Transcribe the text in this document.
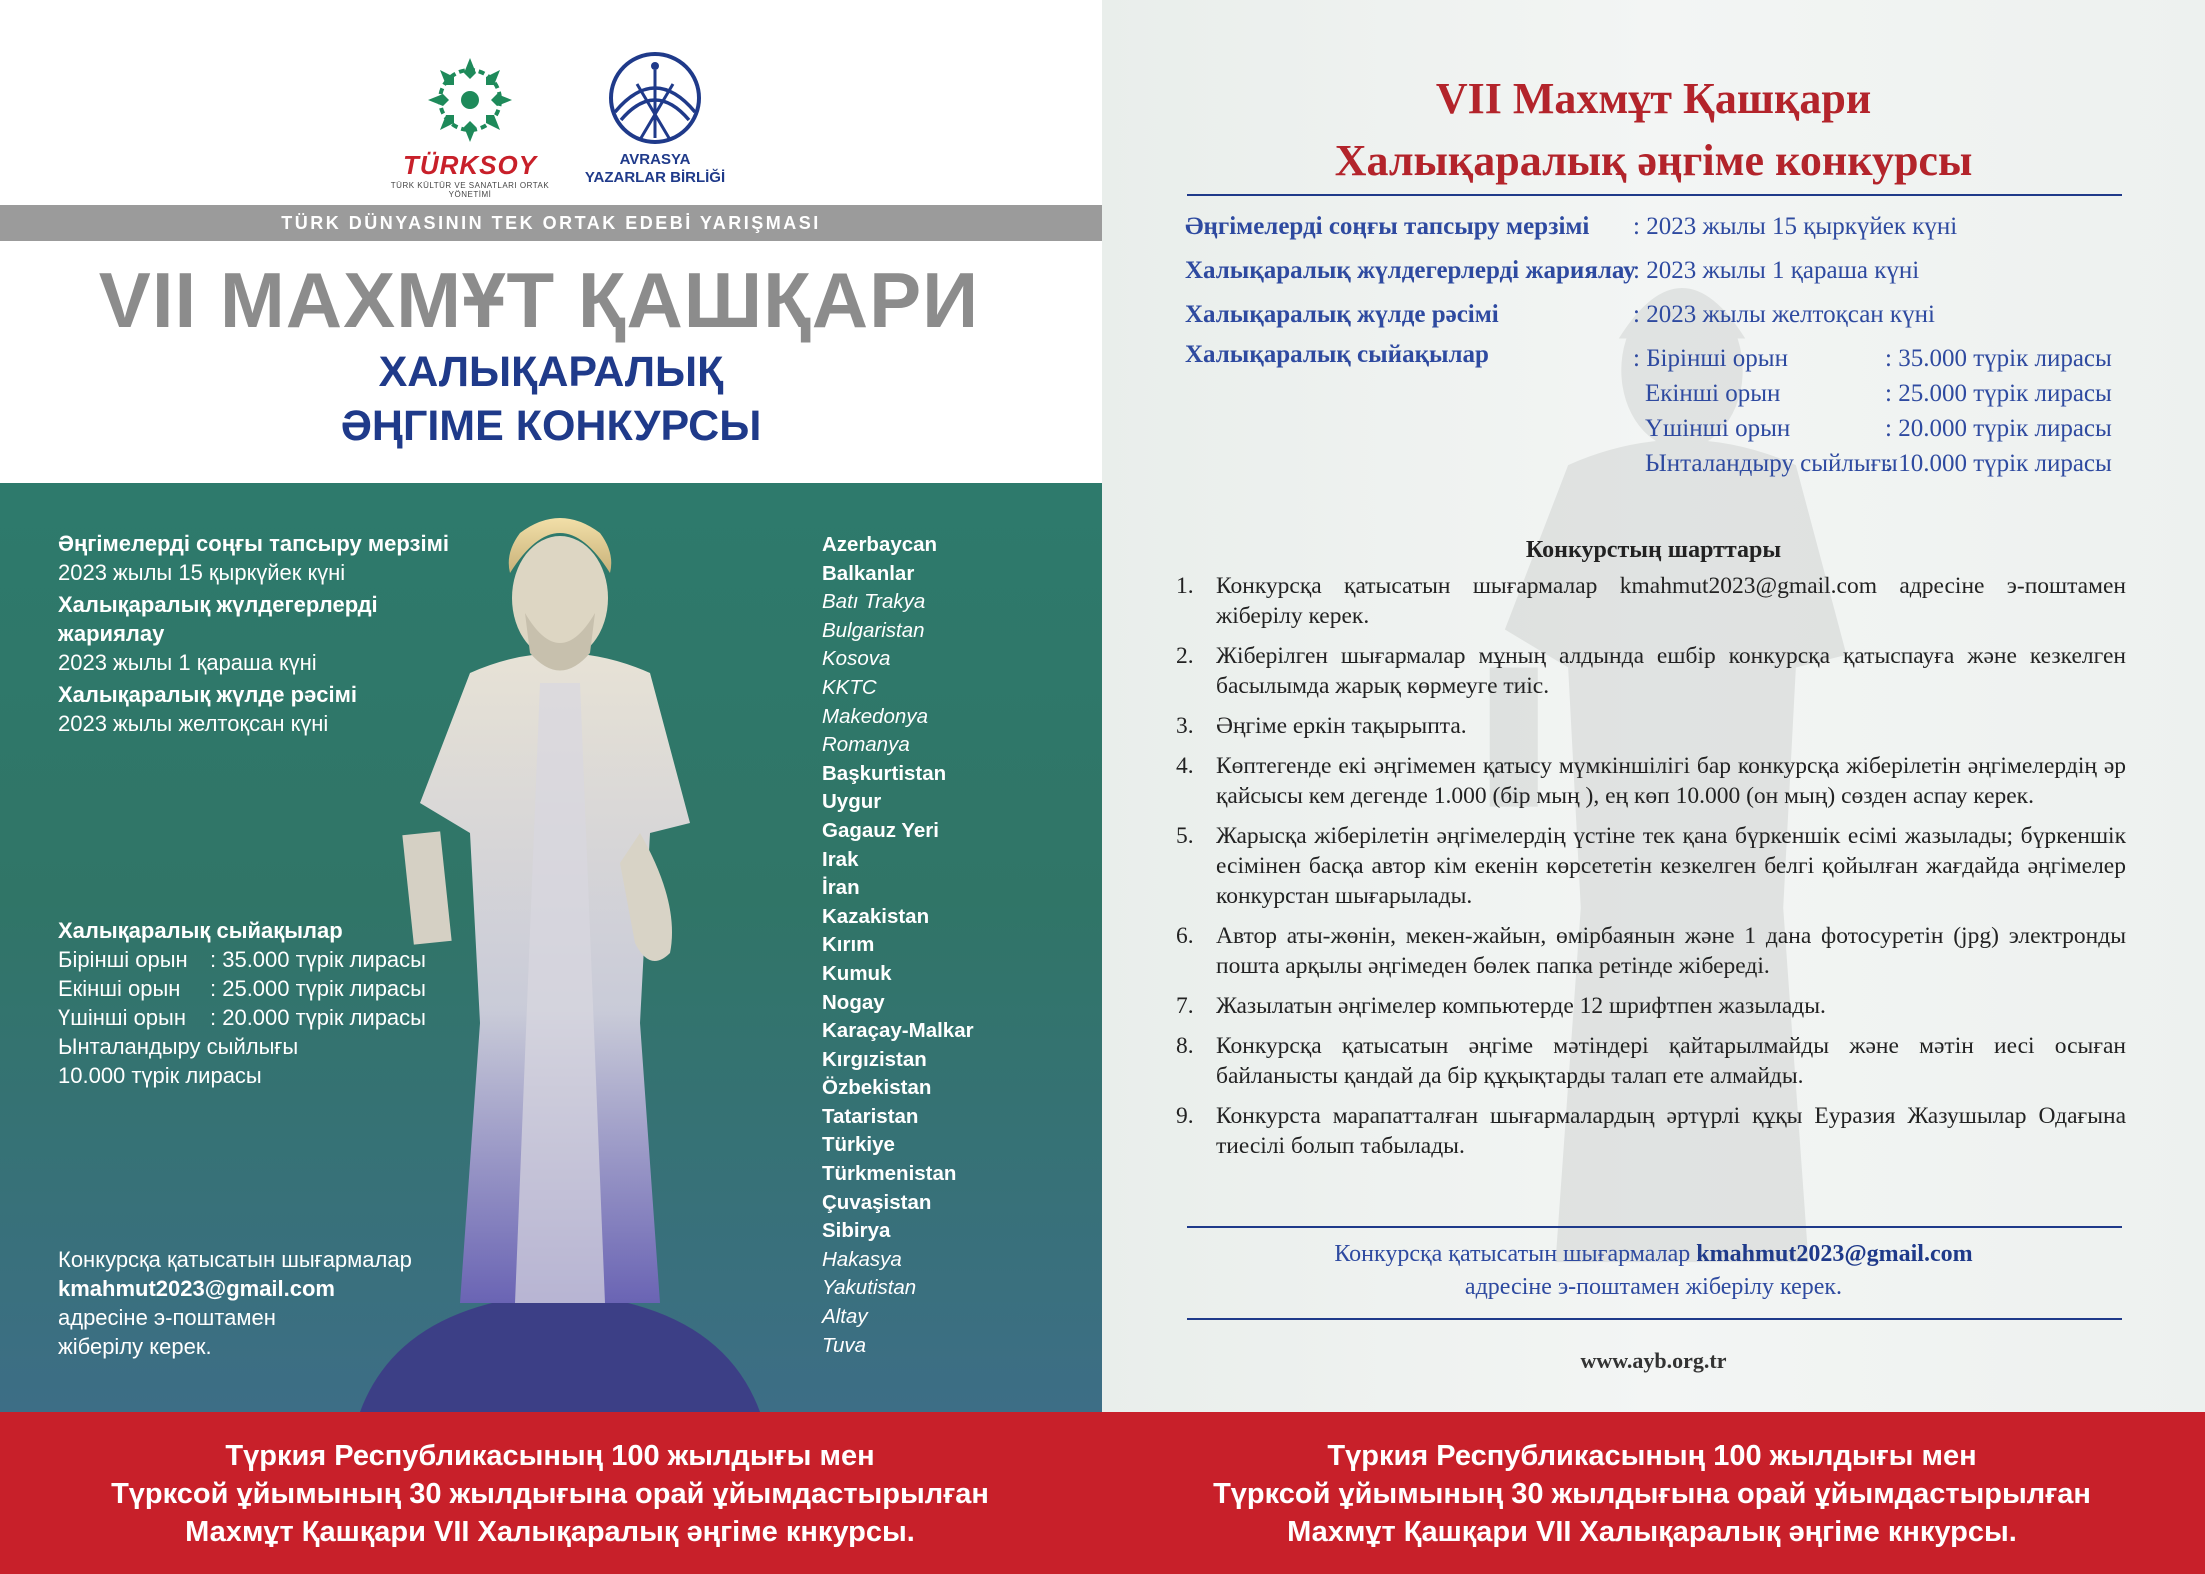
TÜRKSOY
TÜRK KÜLTÜR VE SANATLARI ORTAK YÖNETİMİ
AVRASYA
YAZARLAR BİRLİĞİ
TÜRK DÜNYASININ TEK ORTAK EDEBİ YARIŞMASI
VII МАХМҰТ ҚАШҚАРИ
ХАЛЫҚАРАЛЫҚ
ӘҢГІМЕ КОНКУРСЫ
Әңгімелерді соңғы тапсыру мерзімі
2023 жылы 15 қыркүйек күні
Халықаралық жүлдегерлерді жариялау
2023 жылы 1 қараша күні
Халықаралық жүлде рәсімі
2023 жылы желтоқсан күні
Халықаралық сыйақылар
Бірінші орын	: 35.000 түрік лирасы
Екінші орын	: 25.000 түрік лирасы
Үшінші орын	: 20.000 түрік лирасы
Ынталандыру сыйлығы
10.000 түрік лирасы
Конкурсқа қатысатын шығармалар
kmahmut2023@gmail.com
адресіне э-поштамен
жіберілу керек.
Azerbaycan
Balkanlar
Batı Trakya
Bulgaristan
Kosova
KKTC
Makedonya
Romanya
Başkurtistan
Uygur
Gagauz Yeri
Irak
İran
Kazakistan
Kırım
Kumuk
Nogay
Karaçay-Malkar
Kırgızistan
Özbekistan
Tataristan
Türkiye
Türkmenistan
Çuvaşistan
Sibirya
Hakasya
Yakutistan
Altay
Tuva
VII Махмұт Қашқари
Халықаралық әңгіме конкурсы
Әңгімелерді соңғы тапсыру мерзімі : 2023 жылы 15 қыркүйек күні
Халықаралық жүлдегерлерді жариялау
: 2023 жылы 1 қараша күні
Халықаралық жүлде рәсімі	: 2023 жылы желтоқсан күні
Халықаралық сыйақылар	: Бірінші орын	: 35.000 түрік лирасы
Екінші орын	: 25.000 түрік лирасы
Үшінші орын	: 20.000 түрік лирасы
Ынталандыру сыйлығы
: 10.000 түрік лирасы
Конкурстың шарттары
1. Конкурсқа қатысатын шығармалар kmahmut2023@gmail.com адресіне э-поштамен жіберілу керек.
2. Жіберілген шығармалар мұның алдында ешбір конкурсқа қатыспауға және кезкелген басылымда жарық көрмеуге тиіс.
3. Әңгіме еркін тақырыпта.
4. Көптегенде екі әңгімемен қатысу мүмкіншілігі бар конкурсқа жіберілетін әңгімелердің әр қайсысы кем дегенде 1.000 (бір мың ), ең көп 10.000 (он мың) сөзден аспау керек.
5. Жарысқа жіберілетін әңгімелердің үстіне тек қана бүркеншік есімі жазылады; бүркеншік есімінен басқа автор кім екенін көрсететін кезкелген белгі қойылған жағдайда әңгімелер конкурстан шығарылады.
6. Автор аты-жөнін, мекен-жайын, өмірбаянын және 1 дана фотосуретін (jpg) электронды пошта арқылы әңгімеден бөлек папка ретінде жібереді.
7. Жазылатын әңгімелер компьютерде 12 шрифтпен жазылады.
8. Конкурсқа қатысатын әңгіме мәтіндері қайтарылмайды және мәтін иесі осыған байланысты қандай да бір құқықтарды талап ете алмайды.
9. Конкурста марапатталған шығармалардың әртүрлі құқы Еуразия Жазушылар Одағына тиесілі болып табылады.
Конкурсқа қатысатын шығармалар kmahmut2023@gmail.com
адресіне э-поштамен жіберілу керек.
www.ayb.org.tr
Түркия Республикасының 100 жылдығы мен
Түрксой ұйымының 30 жылдығына орай ұйымдастырылған
Махмұт Қашқари VII Халықаралық әңгіме кнкурсы.
Түркия Республикасының 100 жылдығы мен
Түрксой ұйымының 30 жылдығына орай ұйымдастырылған
Махмұт Қашқари VII Халықаралық әңгіме кнкурсы.
